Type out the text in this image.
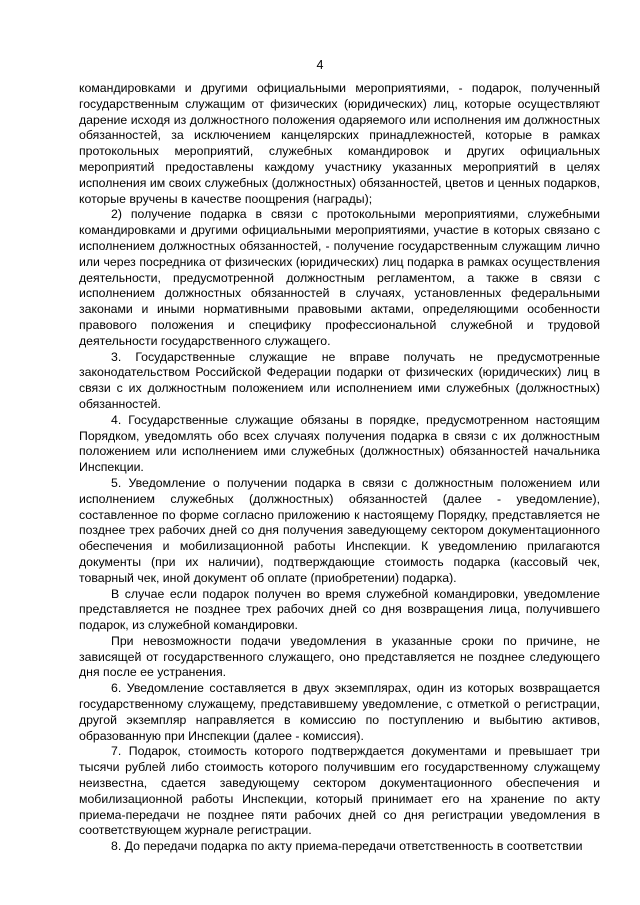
4

командировками и другими официальными мероприятиями, - подарок, полученный государственным служащим от физических (юридических) лиц, которые осуществляют дарение исходя из должностного положения одаряемого или исполнения им должностных обязанностей, за исключением канцелярских принадлежностей, которые в рамках протокольных мероприятий, служебных командировок и других официальных мероприятий предоставлены каждому участнику указанных мероприятий в целях исполнения им своих служебных (должностных) обязанностей, цветов и ценных подарков, которые вручены в качестве поощрения (награды);

2) получение подарка в связи с протокольными мероприятиями, служебными командировками и другими официальными мероприятиями, участие в которых связано с исполнением должностных обязанностей, - получение государственным служащим лично или через посредника от физических (юридических) лиц подарка в рамках осуществления деятельности, предусмотренной должностным регламентом, а также в связи с исполнением должностных обязанностей в случаях, установленных федеральными законами и иными нормативными правовыми актами, определяющими особенности правового положения и специфику профессиональной служебной и трудовой деятельности государственного служащего.

3. Государственные служащие не вправе получать не предусмотренные законодательством Российской Федерации подарки от физических (юридических) лиц в связи с их должностным положением или исполнением ими служебных (должностных) обязанностей.

4. Государственные служащие обязаны в порядке, предусмотренном настоящим Порядком, уведомлять обо всех случаях получения подарка в связи с их должностным положением или исполнением ими служебных (должностных) обязанностей начальника Инспекции.

5. Уведомление о получении подарка в связи с должностным положением или исполнением служебных (должностных) обязанностей (далее - уведомление), составленное по форме согласно приложению к настоящему Порядку, представляется не позднее трех рабочих дней со дня получения заведующему сектором документационного обеспечения и мобилизационной работы Инспекции. К уведомлению прилагаются документы (при их наличии), подтверждающие стоимость подарка (кассовый чек, товарный чек, иной документ об оплате (приобретении) подарка).

В случае если подарок получен во время служебной командировки, уведомление представляется не позднее трех рабочих дней со дня возвращения лица, получившего подарок, из служебной командировки.

При невозможности подачи уведомления в указанные сроки по причине, не зависящей от государственного служащего, оно представляется не позднее следующего дня после ее устранения.

6. Уведомление составляется в двух экземплярах, один из которых возвращается государственному служащему, представившему уведомление, с отметкой о регистрации, другой экземпляр направляется в комиссию по поступлению и выбытию активов, образованную при Инспекции (далее - комиссия).

7. Подарок, стоимость которого подтверждается документами и превышает три тысячи рублей либо стоимость которого получившим его государственному служащему неизвестна, сдается заведующему сектором документационного обеспечения и мобилизационной работы Инспекции, который принимает его на хранение по акту приема-передачи не позднее пяти рабочих дней со дня регистрации уведомления в соответствующем журнале регистрации.

8. До передачи подарка по акту приема-передачи ответственность в соответствии
